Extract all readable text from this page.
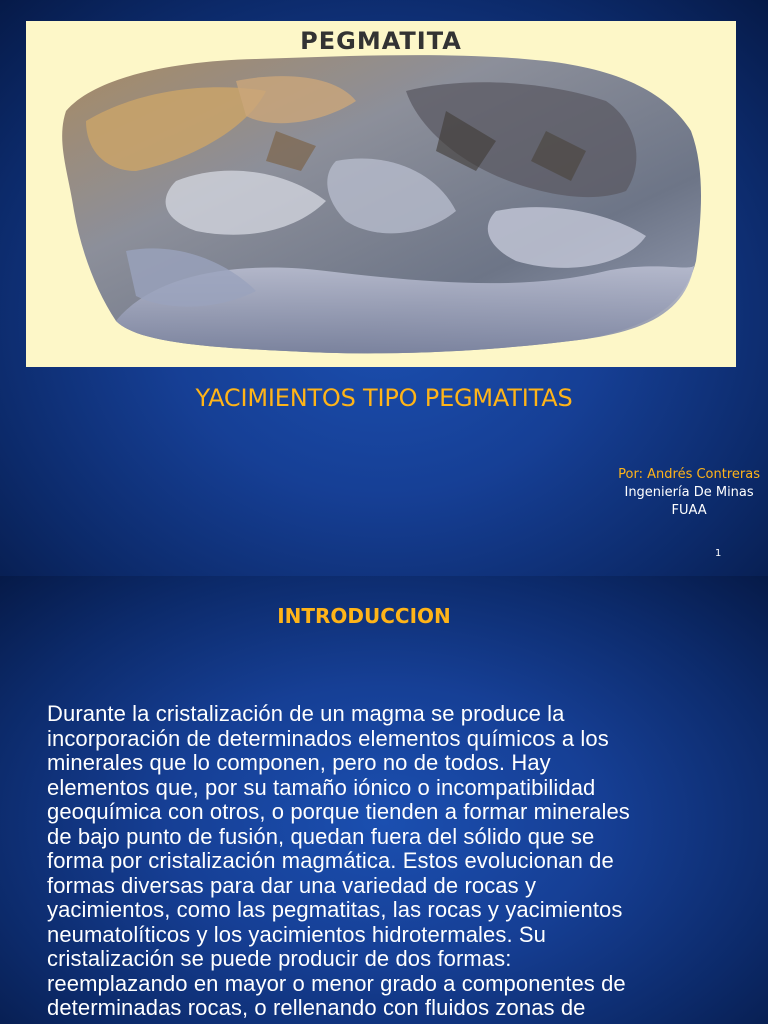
PEGMATITA
YACIMIENTOS TIPO PEGMATITAS
Por: Andrés Contreras
Ingeniería De Minas
FUAA
1
INTRODUCCION
Durante la cristalización de un magma se produce la
incorporación de determinados elementos químicos a los
minerales que lo componen, pero no de todos. Hay
elementos que, por su tamaño iónico o incompatibilidad
geoquímica con otros, o porque tienden a formar minerales
de bajo punto de fusión, quedan fuera del sólido que se
forma por cristalización magmática. Estos evolucionan de
formas diversas para dar una variedad de rocas y
yacimientos, como las pegmatitas, las rocas y yacimientos
neumatolíticos y los yacimientos hidrotermales. Su
cristalización se puede producir de dos formas:
reemplazando en mayor o menor grado a componentes de
determinadas rocas, o rellenando con fluidos zonas de
